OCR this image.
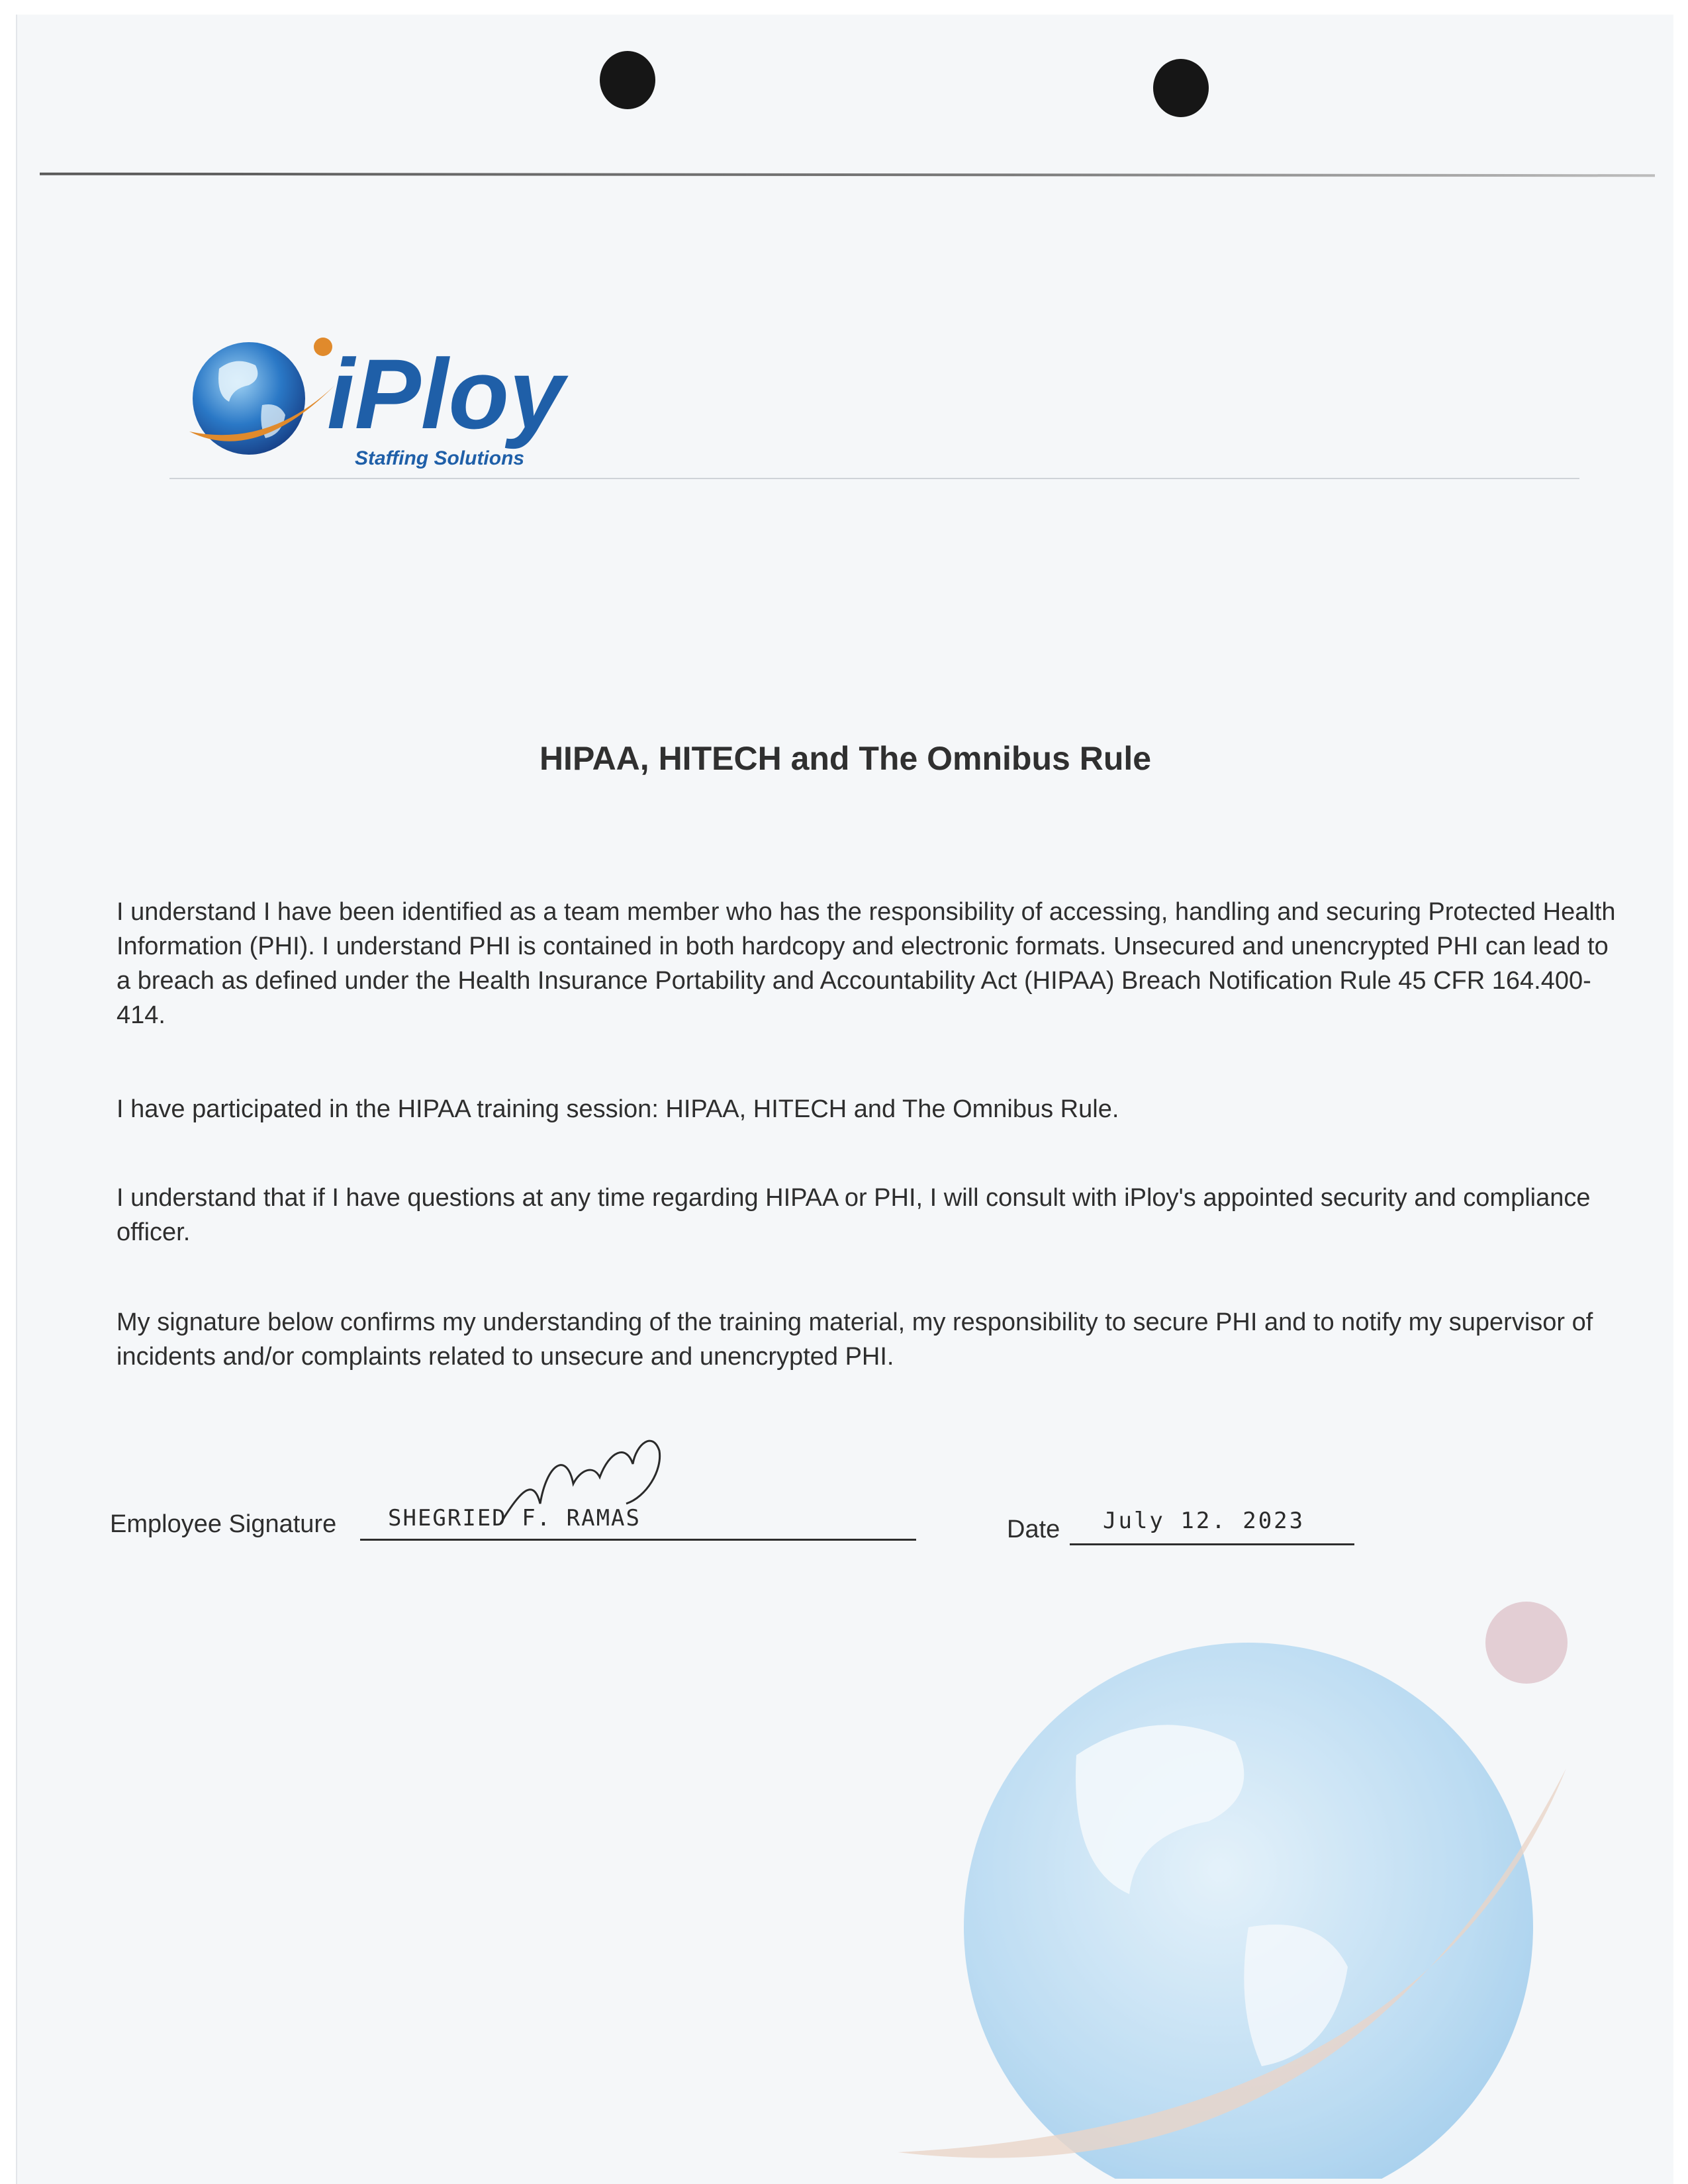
iPloy
Staffing Solutions
HIPAA, HITECH and The Omnibus Rule
I understand I have been identified as a team member who has the responsibility of accessing, handling and securing Protected Health Information (PHI). I understand PHI is contained in both hardcopy and electronic formats. Unsecured and unencrypted PHI can lead to a breach as defined under the Health Insurance Portability and Accountability Act (HIPAA) Breach Notification Rule 45 CFR 164.400-414.
I have participated in the HIPAA training session: HIPAA, HITECH and The Omnibus Rule.
I understand that if I have questions at any time regarding HIPAA or PHI, I will consult with iPloy's appointed security and compliance officer.
My signature below confirms my understanding of the training material, my responsibility to secure PHI and to notify my supervisor of incidents and/or complaints related to unsecure and unencrypted PHI.
Employee Signature SHEGRIED F. RAMAS	Date July 12. 2023
